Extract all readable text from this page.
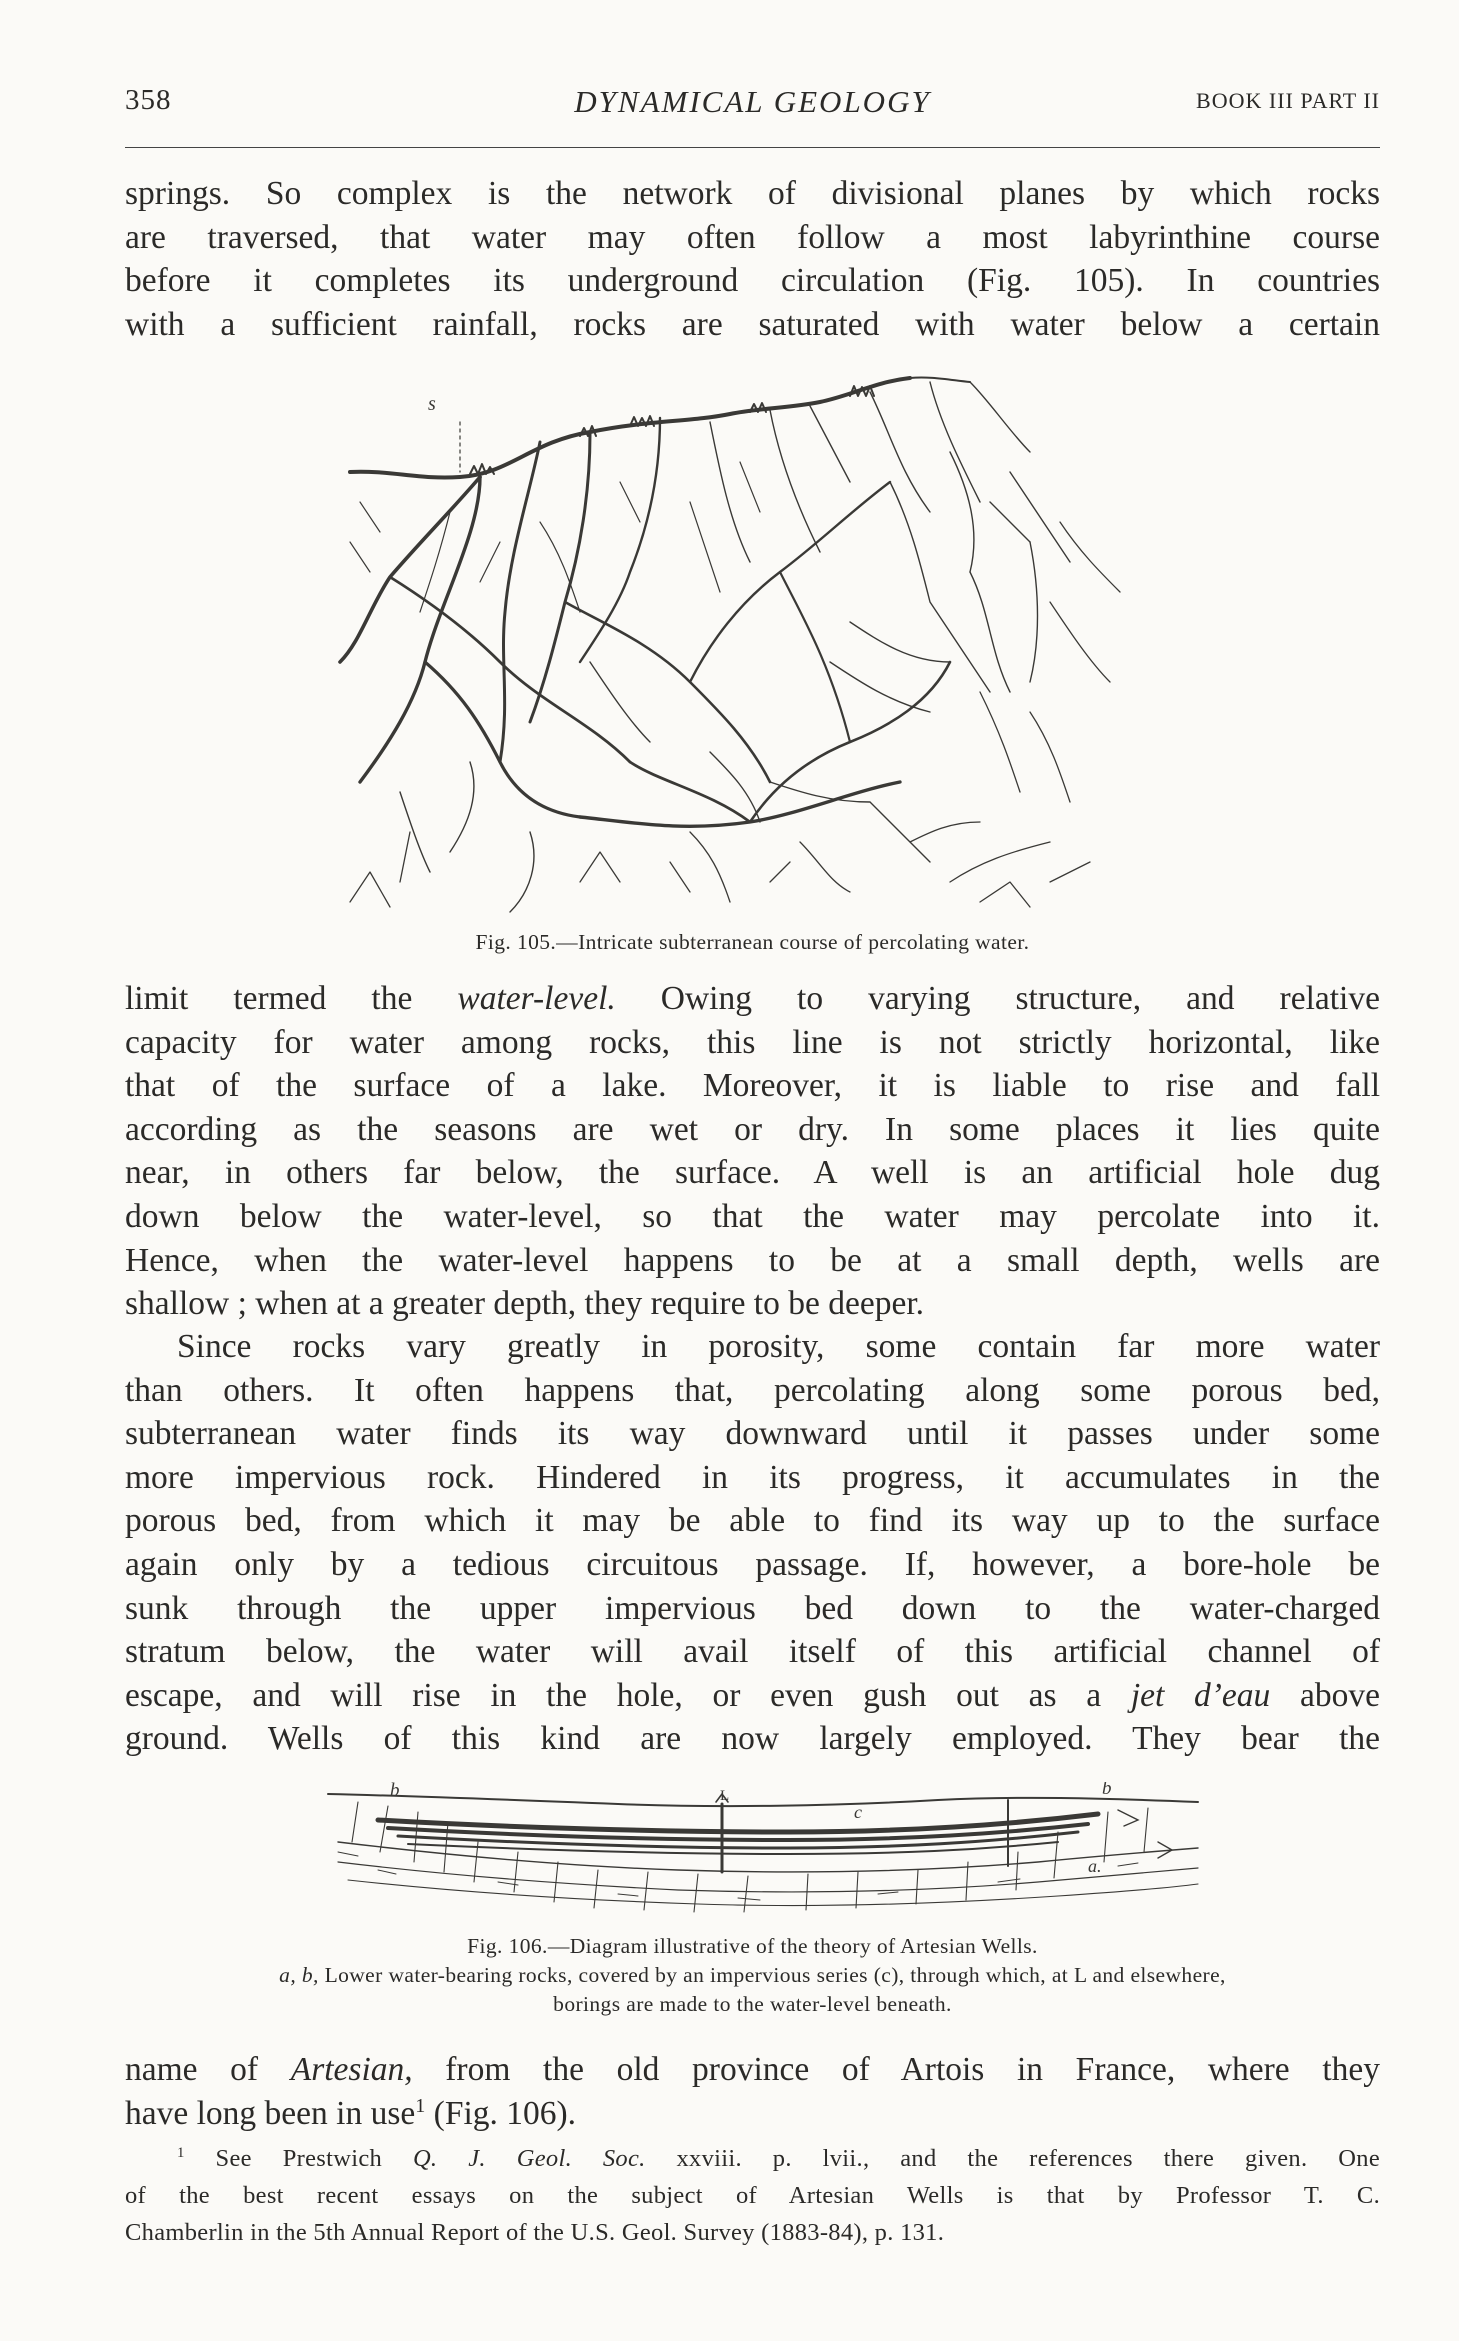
358	DYNAMICAL GEOLOGY	BOOK III PART II
springs. So complex is the network of divisional planes by which rocks
are traversed, that water may often follow a most labyrinthine course
before it completes its underground circulation (Fig. 105). In countries
with a sufficient rainfall, rocks are saturated with water below a certain
s
Fig. 105.—Intricate subterranean course of percolating water.
limit termed the water-level. Owing to varying structure, and relative
capacity for water among rocks, this line is not strictly horizontal, like
that of the surface of a lake. Moreover, it is liable to rise and fall
according as the seasons are wet or dry. In some places it lies quite
near, in others far below, the surface. A well is an artificial hole dug
down below the water-level, so that the water may percolate into it.
Hence, when the water-level happens to be at a small depth, wells are
shallow ; when at a greater depth, they require to be deeper.
Since rocks vary greatly in porosity, some contain far more water
than others. It often happens that, percolating along some porous bed,
subterranean water finds its way downward until it passes under some
more impervious rock. Hindered in its progress, it accumulates in the
porous bed, from which it may be able to find its way up to the surface
again only by a tedious circuitous passage. If, however, a bore-hole be
sunk through the upper impervious bed down to the water-charged
stratum below, the water will avail itself of this artificial channel of
escape, and will rise in the hole, or even gush out as a jet d’eau above
ground. Wells of this kind are now largely employed. They bear the
b	L
c
b
a.
Fig. 106.—Diagram illustrative of the theory of Artesian Wells.
a, b, Lower water-bearing rocks, covered by an impervious series (c), through which, at L and elsewhere,
borings are made to the water-level beneath.
name of Artesian, from the old province of Artois in France, where they
have long been in use$^1$ (Fig. 106).
$^1$ See Prestwich Q. J. Geol. Soc. xxviii. p. lvii., and the references there given. One
of the best recent essays on the subject of Artesian Wells is that by Professor T. C.
Chamberlin in the 5th Annual Report of the U.S. Geol. Survey (1883-84), p. 131.
